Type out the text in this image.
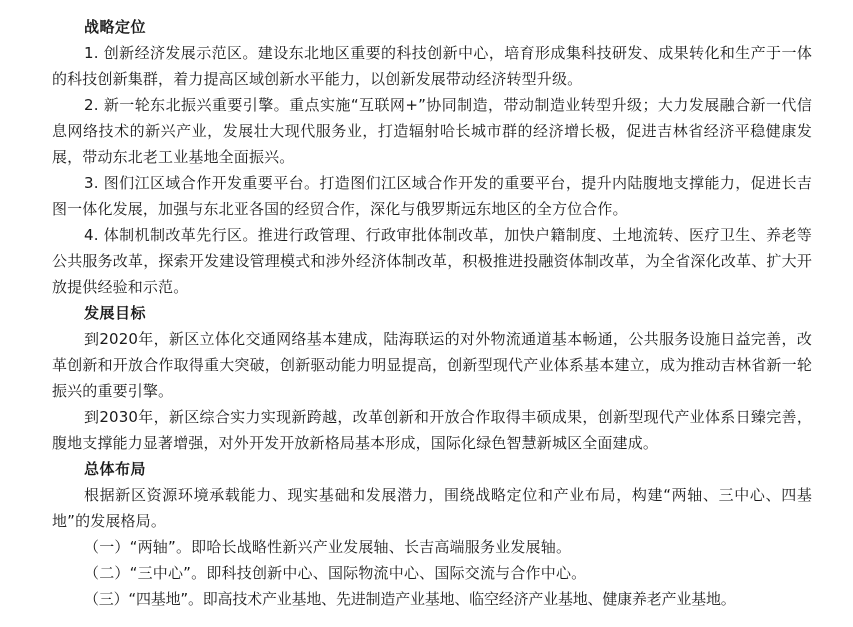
战略定位

1. 创新经济发展示范区。建设东北地区重要的科技创新中心，培育形成集科技研发、成果转化和生产于一体的科技创新集群，着力提高区域创新水平能力，以创新发展带动经济转型升级。

2. 新一轮东北振兴重要引擎。重点实施“互联网+”协同制造，带动制造业转型升级；大力发展融合新一代信息网络技术的新兴产业，发展壮大现代服务业，打造辐射哈长城市群的经济增长极，促进吉林省经济平稳健康发展，带动东北老工业基地全面振兴。

3. 图们江区域合作开发重要平台。打造图们江区域合作开发的重要平台，提升内陆腹地支撑能力，促进长吉图一体化发展，加强与东北亚各国的经贸合作，深化与俄罗斯远东地区的全方位合作。

4. 体制机制改革先行区。推进行政管理、行政审批体制改革，加快户籍制度、土地流转、医疗卫生、养老等公共服务改革，探索开发建设管理模式和涉外经济体制改革，积极推进投融资体制改革，为全省深化改革、扩大开放提供经验和示范。

发展目标

到2020年，新区立体化交通网络基本建成，陆海联运的对外物流通道基本畅通，公共服务设施日益完善，改革创新和开放合作取得重大突破，创新驱动能力明显提高，创新型现代产业体系基本建立，成为推动吉林省新一轮振兴的重要引擎。

到2030年，新区综合实力实现新跨越，改革创新和开放合作取得丰硕成果，创新型现代产业体系日臻完善，腹地支撑能力显著增强，对外开发开放新格局基本形成，国际化绿色智慧新城区全面建成。

总体布局

根据新区资源环境承载能力、现实基础和发展潜力，围绕战略定位和产业布局，构建“两轴、三中心、四基地”的发展格局。

（一）“两轴”。即哈长战略性新兴产业发展轴、长吉高端服务业发展轴。
（二）“三中心”。即科技创新中心、国际物流中心、国际交流与合作中心。
（三）“四基地”。即高技术产业基地、先进制造产业基地、临空经济产业基地、健康养老产业基地。
